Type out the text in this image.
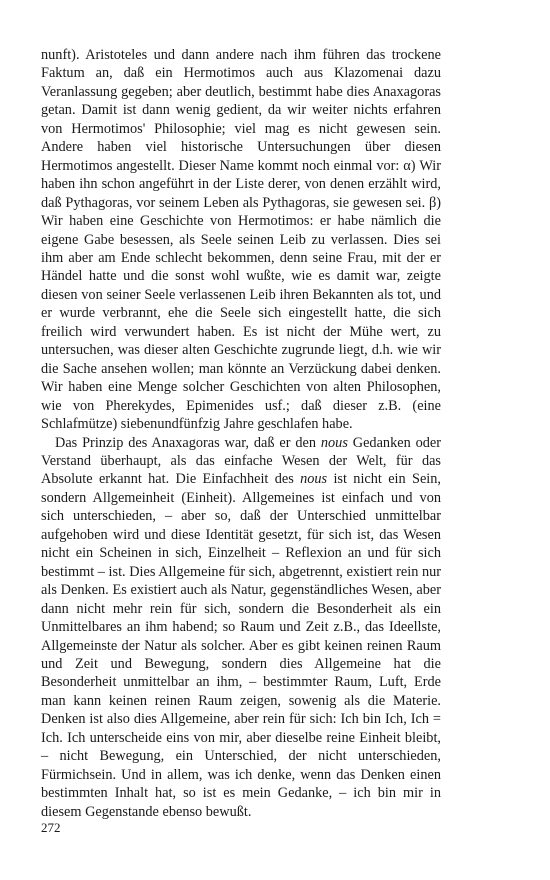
nunft). Aristoteles und dann andere nach ihm führen das trockene Faktum an, daß ein Hermotimos auch aus Klazomenai dazu Veranlassung gegeben; aber deutlich, bestimmt habe dies Anaxagoras getan. Damit ist dann wenig gedient, da wir weiter nichts erfahren von Hermotimos' Philosophie; viel mag es nicht gewesen sein. Andere haben viel historische Untersuchungen über diesen Hermotimos angestellt. Dieser Name kommt noch einmal vor: α) Wir haben ihn schon angeführt in der Liste derer, von denen erzählt wird, daß Pythagoras, vor seinem Leben als Pythagoras, sie gewesen sei. β) Wir haben eine Geschichte von Hermotimos: er habe nämlich die eigene Gabe besessen, als Seele seinen Leib zu verlassen. Dies sei ihm aber am Ende schlecht bekommen, denn seine Frau, mit der er Händel hatte und die sonst wohl wußte, wie es damit war, zeigte diesen von seiner Seele verlassenen Leib ihren Bekannten als tot, und er wurde verbrannt, ehe die Seele sich eingestellt hatte, die sich freilich wird verwundert haben. Es ist nicht der Mühe wert, zu untersuchen, was dieser alten Geschichte zugrunde liegt, d.h. wie wir die Sache ansehen wollen; man könnte an Verzückung dabei denken. Wir haben eine Menge solcher Geschichten von alten Philosophen, wie von Pherekydes, Epimenides usf.; daß dieser z.B. (eine Schlafmütze) siebenundfünfzig Jahre geschlafen habe.

Das Prinzip des Anaxagoras war, daß er den nous Gedanken oder Verstand überhaupt, als das einfache Wesen der Welt, für das Absolute erkannt hat. Die Einfachheit des nous ist nicht ein Sein, sondern Allgemeinheit (Einheit). Allgemeines ist einfach und von sich unterschieden, – aber so, daß der Unterschied unmittelbar aufgehoben wird und diese Identität gesetzt, für sich ist, das Wesen nicht ein Scheinen in sich, Einzelheit – Reflexion an und für sich bestimmt – ist. Dies Allgemeine für sich, abgetrennt, existiert rein nur als Denken. Es existiert auch als Natur, gegenständliches Wesen, aber dann nicht mehr rein für sich, sondern die Besonderheit als ein Unmittelbares an ihm habend; so Raum und Zeit z.B., das Ideellste, Allgemeinste der Natur als solcher. Aber es gibt keinen reinen Raum und Zeit und Bewegung, sondern dies Allgemeine hat die Besonderheit unmittelbar an ihm, – bestimmter Raum, Luft, Erde man kann keinen reinen Raum zeigen, sowenig als die Materie. Denken ist also dies Allgemeine, aber rein für sich: Ich bin Ich, Ich = Ich. Ich unterscheide eins von mir, aber dieselbe reine Einheit bleibt, – nicht Bewegung, ein Unterschied, der nicht unterschieden, Fürmichsein. Und in allem, was ich denke, wenn das Denken einen bestimmten Inhalt hat, so ist es mein Gedanke, – ich bin mir in diesem Gegenstande ebenso bewußt.

272
